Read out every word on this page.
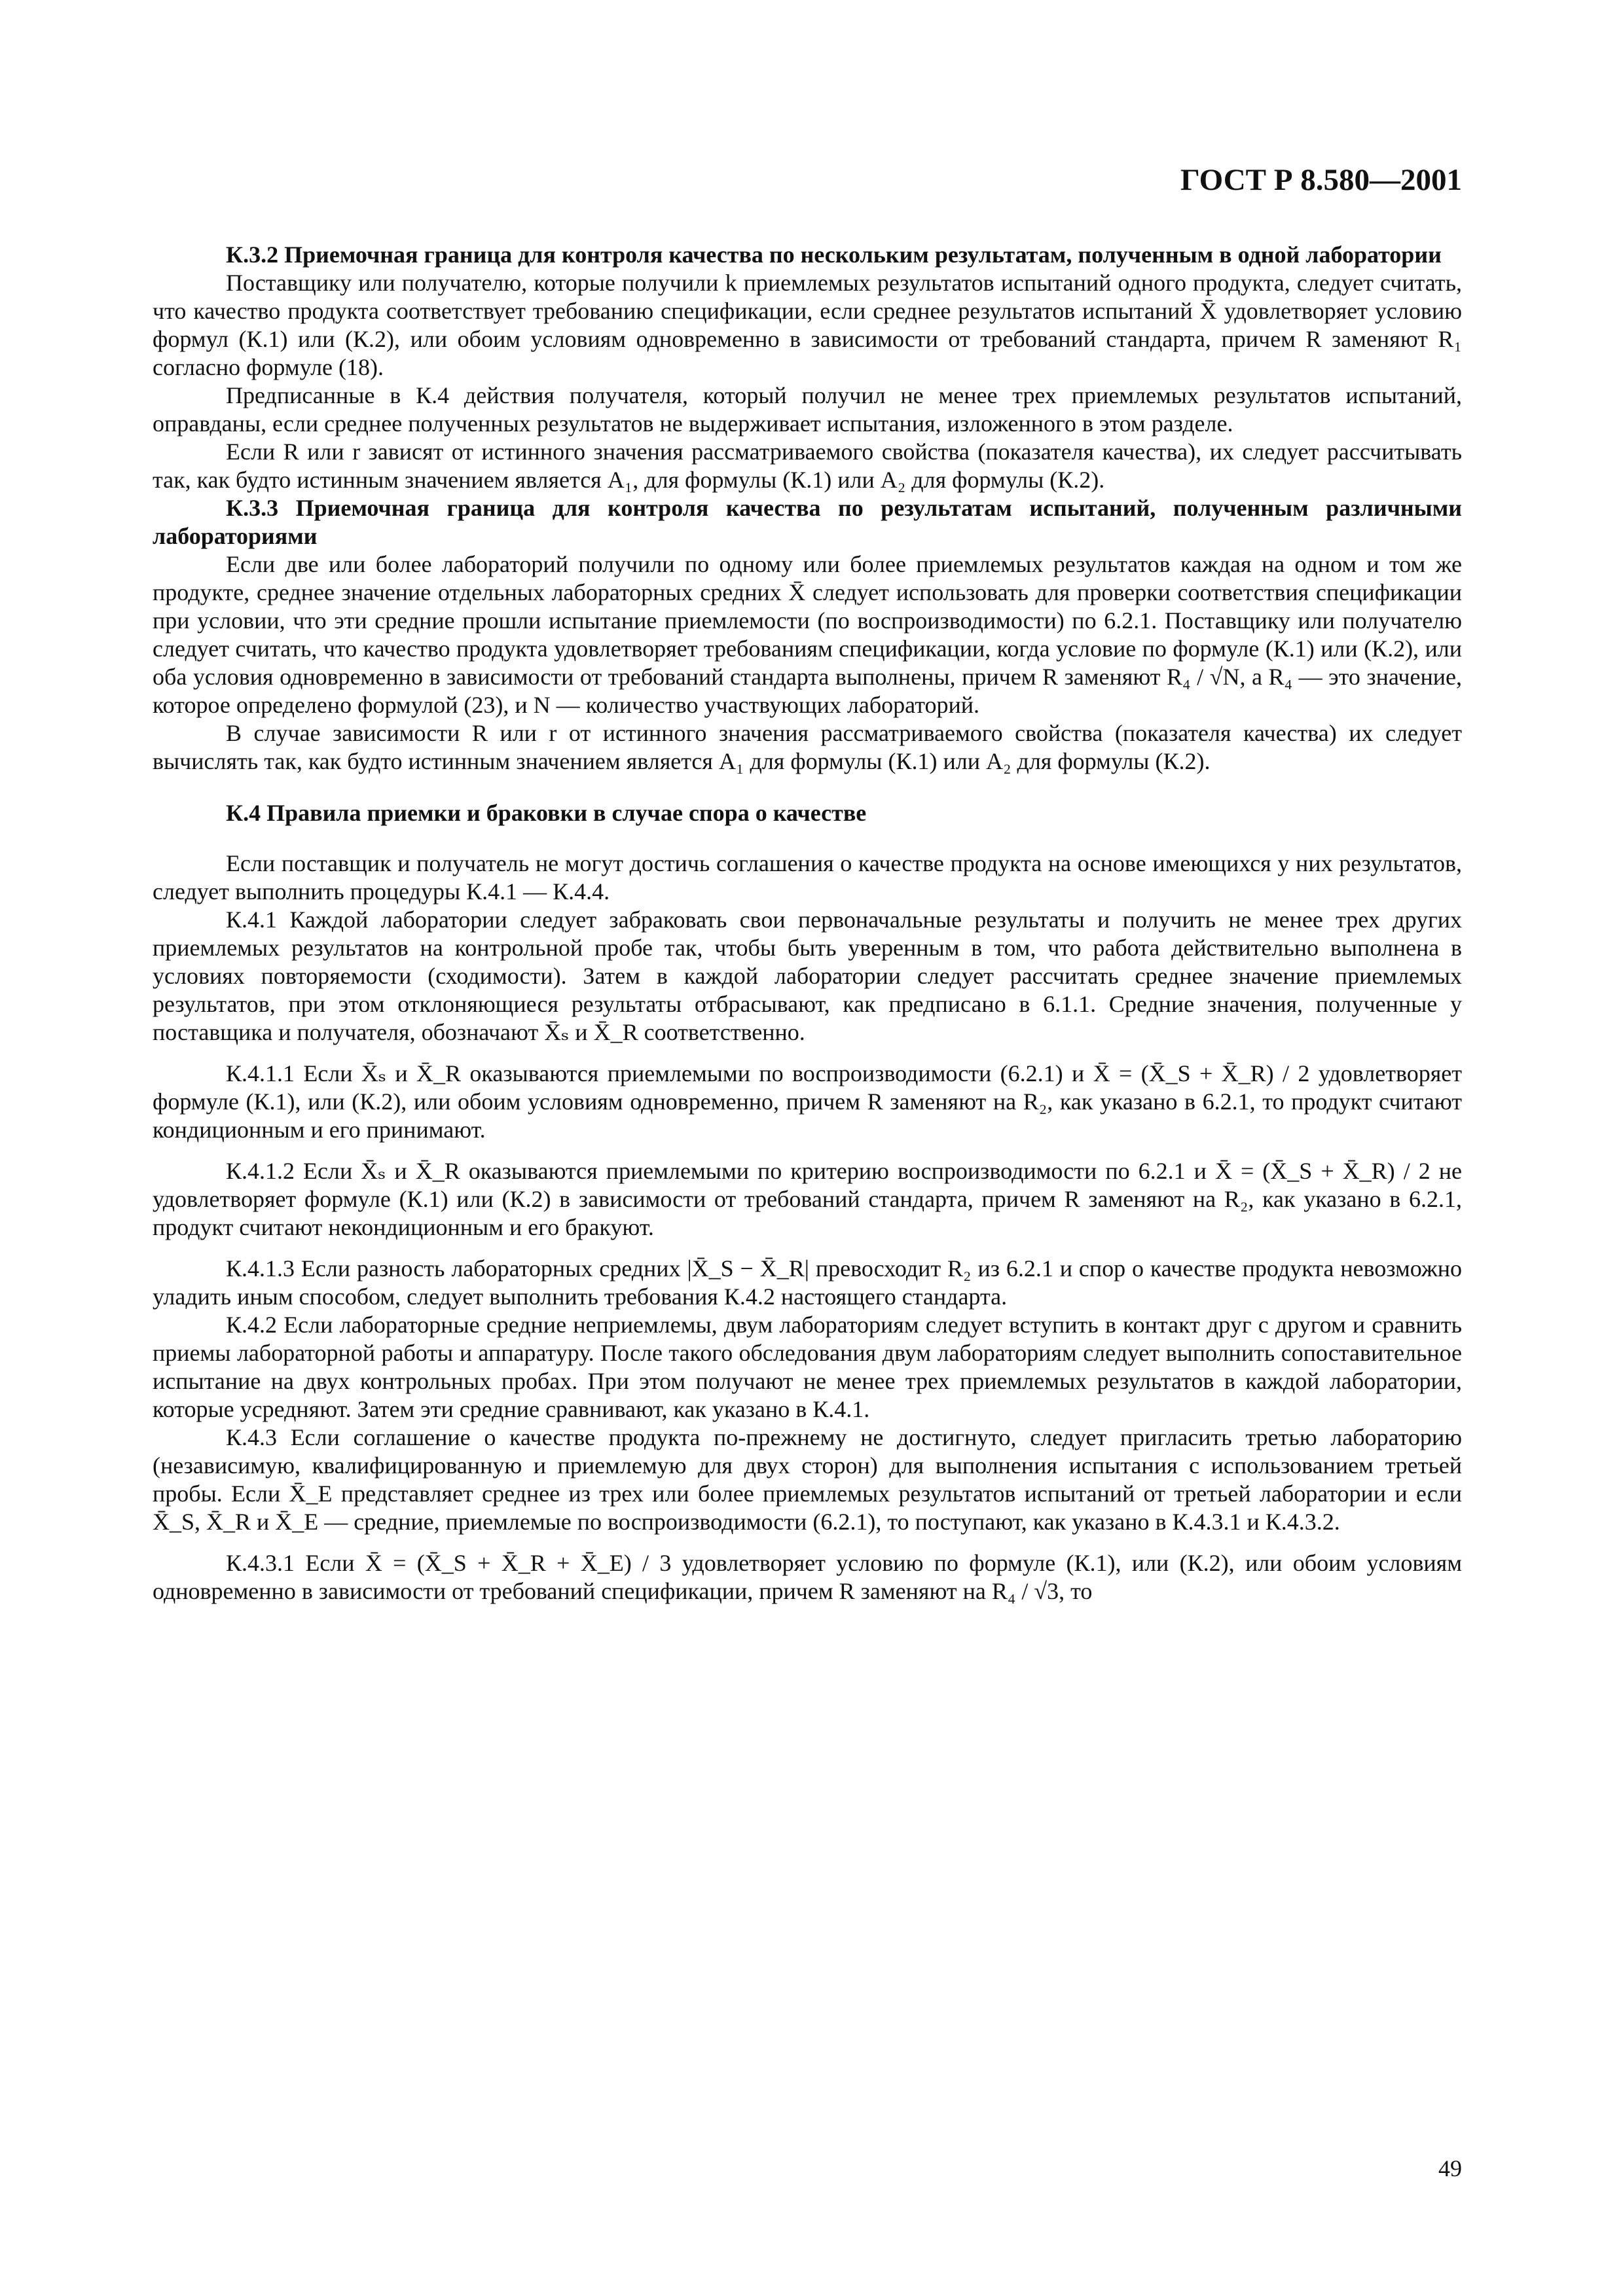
ГОСТ Р 8.580—2001

К.3.2 Приемочная граница для контроля качества по нескольким результатам, полученным в одной лаборатории

Поставщику или получателю, которые получили k приемлемых результатов испытаний одного продукта, следует считать, что качество продукта соответствует требованию спецификации, если среднее результатов испытаний X̄ удовлетворяет условию формул (К.1) или (К.2), или обоим условиям одновременно в зависимости от требований стандарта, причем R заменяют R₁ согласно формуле (18).

Предписанные в К.4 действия получателя, который получил не менее трех приемлемых результатов испытаний, оправданы, если среднее полученных результатов не выдерживает испытания, изложенного в этом разделе.

Если R или r зависят от истинного значения рассматриваемого свойства (показателя качества), их следует рассчитывать так, как будто истинным значением является A₁, для формулы (К.1) или A₂ для формулы (К.2).

К.3.3 Приемочная граница для контроля качества по результатам испытаний, полученным различными лабораториями

Если две или более лабораторий получили по одному или более приемлемых результатов каждая на одном и том же продукте, среднее значение отдельных лабораторных средних X̄ следует использовать для проверки соответствия спецификации при условии, что эти средние прошли испытание приемлемости (по воспроизводимости) по 6.2.1. Поставщику или получателю следует считать, что качество продукта удовлетворяет требованиям спецификации, когда условие по формуле (К.1) или (К.2), или оба условия одновременно в зависимости от требований стандарта выполнены, причем R заменяют R₄ / √N, а R₄ — это значение, которое определено формулой (23), и N — количество участвующих лабораторий.

В случае зависимости R или r от истинного значения рассматриваемого свойства (показателя качества) их следует вычислять так, как будто истинным значением является A₁ для формулы (К.1) или A₂ для формулы (К.2).

К.4 Правила приемки и браковки в случае спора о качестве

Если поставщик и получатель не могут достичь соглашения о качестве продукта на основе имеющихся у них результатов, следует выполнить процедуры К.4.1 — К.4.4.

К.4.1 Каждой лаборатории следует забраковать свои первоначальные результаты и получить не менее трех других приемлемых результатов на контрольной пробе так, чтобы быть уверенным в том, что работа действительно выполнена в условиях повторяемости (сходимости). Затем в каждой лаборатории следует рассчитать среднее значение приемлемых результатов, при этом отклоняющиеся результаты отбрасывают, как предписано в 6.1.1. Средние значения, полученные у поставщика и получателя, обозначают X̄ₛ и X̄_R соответственно.

К.4.1.1 Если X̄ₛ и X̄_R оказываются приемлемыми по воспроизводимости (6.2.1) и X̄ = (X̄_S + X̄_R) / 2 удовлетворяет формуле (К.1), или (К.2), или обоим условиям одновременно, причем R заменяют на R₂, как указано в 6.2.1, то продукт считают кондиционным и его принимают.

К.4.1.2 Если X̄ₛ и X̄_R оказываются приемлемыми по критерию воспроизводимости по 6.2.1 и X̄ = (X̄_S + X̄_R) / 2 не удовлетворяет формуле (К.1) или (К.2) в зависимости от требований стандарта, причем R заменяют на R₂, как указано в 6.2.1, продукт считают некондиционным и его бракуют.

К.4.1.3 Если разность лабораторных средних |X̄_S − X̄_R| превосходит R₂ из 6.2.1 и спор о качестве продукта невозможно уладить иным способом, следует выполнить требования К.4.2 настоящего стандарта.

К.4.2 Если лабораторные средние неприемлемы, двум лабораториям следует вступить в контакт друг с другом и сравнить приемы лабораторной работы и аппаратуру. После такого обследования двум лабораториям следует выполнить сопоставительное испытание на двух контрольных пробах. При этом получают не менее трех приемлемых результатов в каждой лаборатории, которые усредняют. Затем эти средние сравнивают, как указано в К.4.1.

К.4.3 Если соглашение о качестве продукта по-прежнему не достигнуто, следует пригласить третью лабораторию (независимую, квалифицированную и приемлемую для двух сторон) для выполнения испытания с использованием третьей пробы. Если X̄_E представляет среднее из трех или более приемлемых результатов испытаний от третьей лаборатории и если X̄_S, X̄_R и X̄_E — средние, приемлемые по воспроизводимости (6.2.1), то поступают, как указано в К.4.3.1 и К.4.3.2.

К.4.3.1 Если X̄ = (X̄_S + X̄_R + X̄_E) / 3 удовлетворяет условию по формуле (К.1), или (К.2), или обоим условиям одновременно в зависимости от требований спецификации, причем R заменяют на R₄ / √3, то

49
